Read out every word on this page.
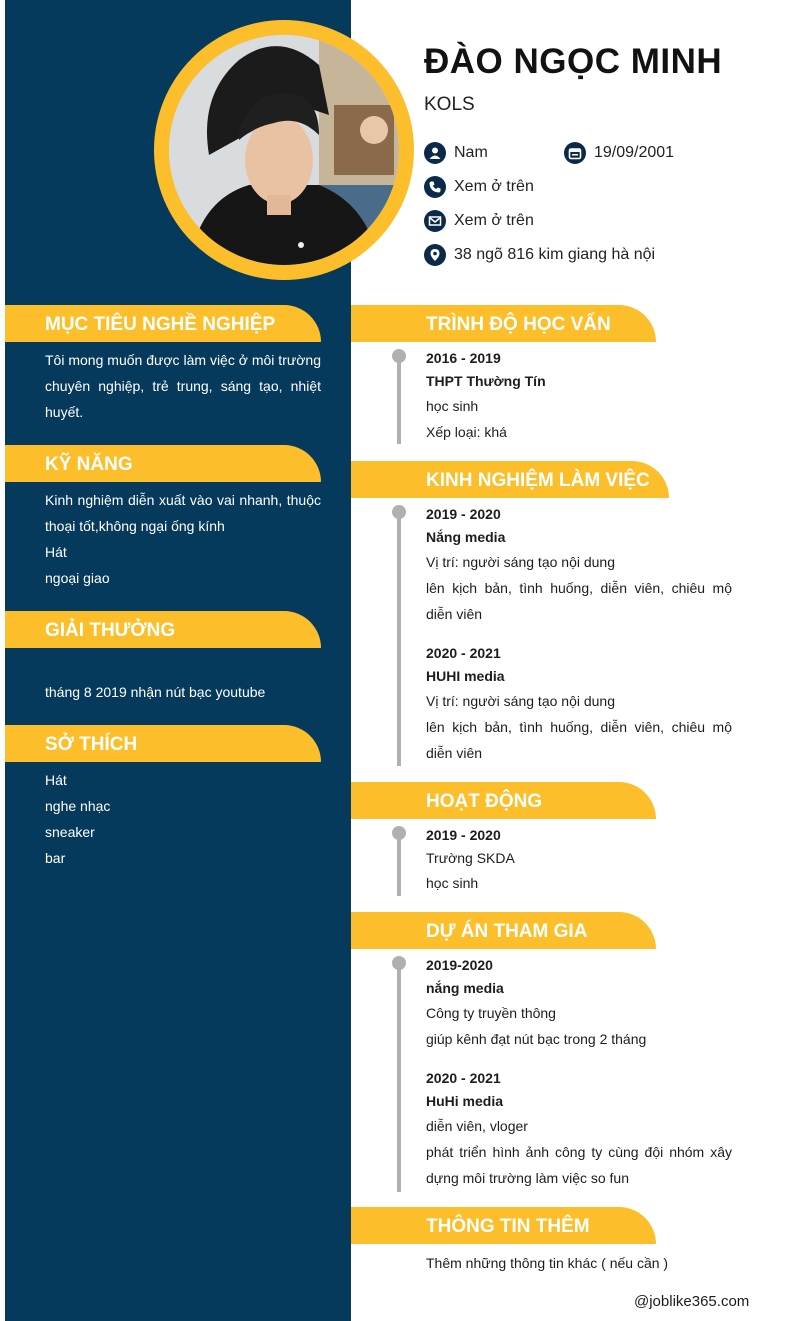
ĐÀO NGỌC MINH
KOLS
Nam	19/09/2001
Xem ở trên
Xem ở trên
38 ngõ 816 kim giang hà nội
MỤC TIÊU NGHỀ NGHIỆP
Tôi mong muốn được làm việc ở môi trường chuyên nghiệp, trẻ trung, sáng tạo, nhiệt huyết.
KỸ NĂNG
Kinh nghiệm diễn xuất vào vai nhanh, thuộc thoại tốt,không ngại ống kính
Hát
ngoại giao
GIẢI THƯỞNG
tháng 8 2019 nhận nút bạc youtube
SỞ THÍCH
Hát
nghe nhạc
sneaker
bar
TRÌNH ĐỘ HỌC VẤN
2016 - 2019
THPT Thường Tín
học sinh
Xếp loại: khá
KINH NGHIỆM LÀM VIỆC
2019 - 2020
Nắng media
Vị trí: người sáng tạo nội dung
lên kịch bản, tình huống, diễn viên, chiêu mộ diễn viên
2020 - 2021
HUHI media
Vị trí: người sáng tạo nội dung
lên kịch bản, tình huống, diễn viên, chiêu mộ diễn viên
HOẠT ĐỘNG
2019 - 2020
Trường SKDA
học sinh
DỰ ÁN THAM GIA
2019-2020
nắng media
Công ty truyền thông
giúp kênh đạt nút bạc trong 2 tháng
2020 - 2021
HuHi media
diễn viên, vloger
phát triển hình ảnh công ty cùng đội nhóm xây dựng môi trường làm việc so fun
THÔNG TIN THÊM
Thêm những thông tin khác ( nếu cần )
@joblike365.com
